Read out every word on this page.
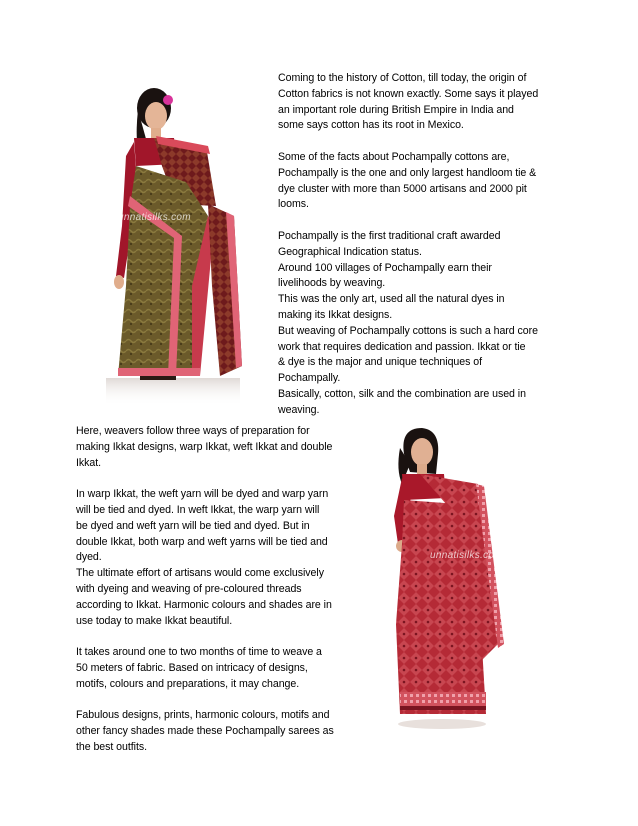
unnatisilks.com

Coming to the history of Cotton, till today, the origin of

Cotton fabrics is not known exactly. Some says it played

an important role during British Empire in India and

some says cotton has its root in Mexico.

Some of the facts about Pochampally cottons are,

Pochampally is the one and only largest handloom tie &

dye cluster with more than 5000 artisans and 2000 pit

looms.

Pochampally is the first traditional craft awarded

Geographical Indication status.

Around 100 villages of Pochampally earn their

livelihoods by weaving.

This was the only art, used all the natural dyes in

making its Ikkat designs.

But weaving of Pochampally cottons is such a hard core

work that requires dedication and passion. Ikkat or tie

& dye is the major and unique techniques of

Pochampally.

Basically, cotton, silk and the combination are used in

weaving.

Here, weavers follow three ways of preparation for

making Ikkat designs, warp Ikkat, weft Ikkat and double

Ikkat.

In warp Ikkat, the weft yarn will be dyed and warp yarn

will be tied and dyed. In weft Ikkat, the warp yarn will

be dyed and weft yarn will be tied and dyed. But in

double Ikkat, both warp and weft yarns will be tied and

dyed.

The ultimate effort of artisans would come exclusively

with dyeing and weaving of pre-coloured threads

according to Ikkat. Harmonic colours and shades are in

use today to make Ikkat beautiful.

It takes around one to two months of time to weave a

50 meters of fabric. Based on intricacy of designs,

motifs, colours and preparations, it may change.

Fabulous designs, prints, harmonic colours, motifs and

other fancy shades made these Pochampally sarees as

the best outfits.

unnatisilks.com
